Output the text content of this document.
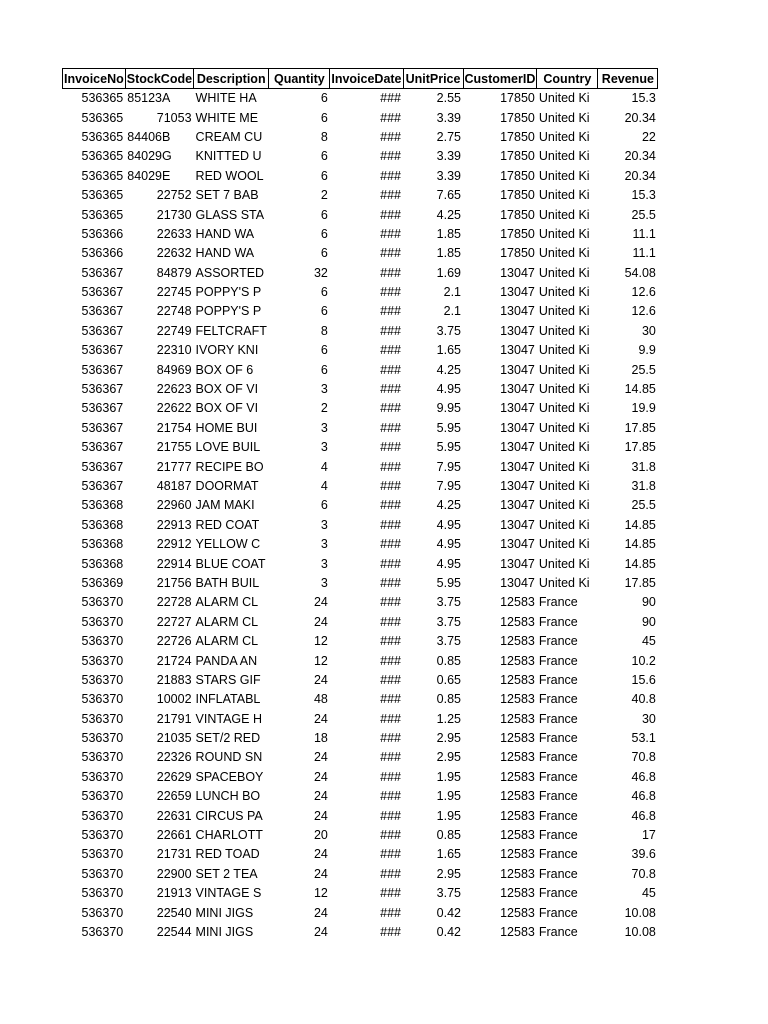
InvoiceNo	StockCode	Description	Quantity	InvoiceDate	UnitPrice	CustomerID	Country	Revenue
536365	85123A	WHITE HA	6	###	2.55	17850	United Ki	15.3
536365	71053	WHITE ME	6	###	3.39	17850	United Ki	20.34
536365	84406B	CREAM CU	8	###	2.75	17850	United Ki	22
536365	84029G	KNITTED U	6	###	3.39	17850	United Ki	20.34
536365	84029E	RED WOOL	6	###	3.39	17850	United Ki	20.34
536365	22752	SET 7 BAB	2	###	7.65	17850	United Ki	15.3
536365	21730	GLASS STA	6	###	4.25	17850	United Ki	25.5
536366	22633	HAND WA	6	###	1.85	17850	United Ki	11.1
536366	22632	HAND WA	6	###	1.85	17850	United Ki	11.1
536367	84879	ASSORTED	32	###	1.69	13047	United Ki	54.08
536367	22745	POPPY'S P	6	###	2.1	13047	United Ki	12.6
536367	22748	POPPY'S P	6	###	2.1	13047	United Ki	12.6
536367	22749	FELTCRAFT	8	###	3.75	13047	United Ki	30
536367	22310	IVORY KNI	6	###	1.65	13047	United Ki	9.9
536367	84969	BOX OF 6	6	###	4.25	13047	United Ki	25.5
536367	22623	BOX OF VI	3	###	4.95	13047	United Ki	14.85
536367	22622	BOX OF VI	2	###	9.95	13047	United Ki	19.9
536367	21754	HOME BUI	3	###	5.95	13047	United Ki	17.85
536367	21755	LOVE BUIL	3	###	5.95	13047	United Ki	17.85
536367	21777	RECIPE BO	4	###	7.95	13047	United Ki	31.8
536367	48187	DOORMAT	4	###	7.95	13047	United Ki	31.8
536368	22960	JAM MAKI	6	###	4.25	13047	United Ki	25.5
536368	22913	RED COAT	3	###	4.95	13047	United Ki	14.85
536368	22912	YELLOW C	3	###	4.95	13047	United Ki	14.85
536368	22914	BLUE COAT	3	###	4.95	13047	United Ki	14.85
536369	21756	BATH BUIL	3	###	5.95	13047	United Ki	17.85
536370	22728	ALARM CL	24	###	3.75	12583	France	90
536370	22727	ALARM CL	24	###	3.75	12583	France	90
536370	22726	ALARM CL	12	###	3.75	12583	France	45
536370	21724	PANDA AN	12	###	0.85	12583	France	10.2
536370	21883	STARS GIF	24	###	0.65	12583	France	15.6
536370	10002	INFLATABL	48	###	0.85	12583	France	40.8
536370	21791	VINTAGE H	24	###	1.25	12583	France	30
536370	21035	SET/2 RED	18	###	2.95	12583	France	53.1
536370	22326	ROUND SN	24	###	2.95	12583	France	70.8
536370	22629	SPACEBOY	24	###	1.95	12583	France	46.8
536370	22659	LUNCH BO	24	###	1.95	12583	France	46.8
536370	22631	CIRCUS PA	24	###	1.95	12583	France	46.8
536370	22661	CHARLOTT	20	###	0.85	12583	France	17
536370	21731	RED TOAD	24	###	1.65	12583	France	39.6
536370	22900	SET 2 TEA	24	###	2.95	12583	France	70.8
536370	21913	VINTAGE S	12	###	3.75	12583	France	45
536370	22540	MINI JIGS	24	###	0.42	12583	France	10.08
536370	22544	MINI JIGS	24	###	0.42	12583	France	10.08
